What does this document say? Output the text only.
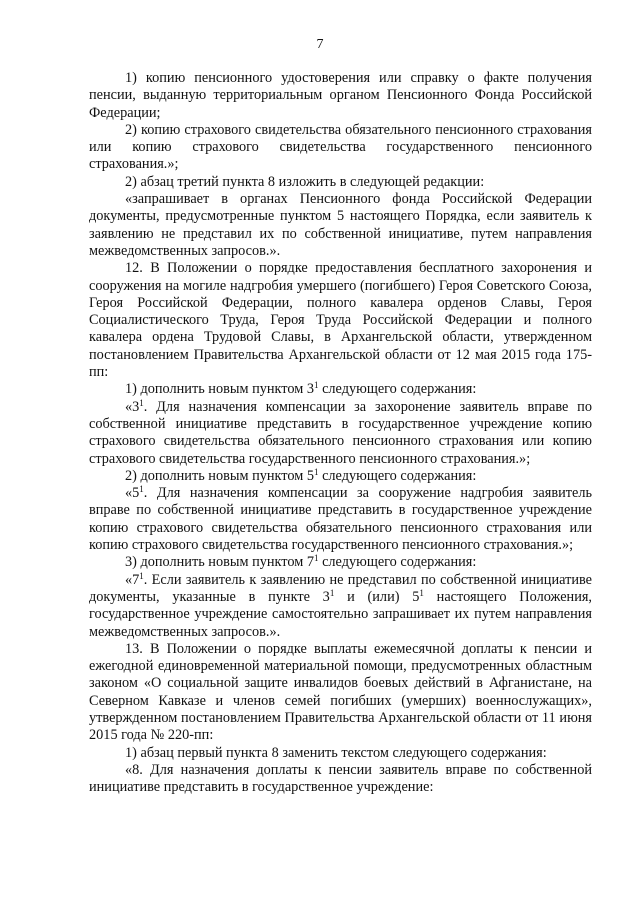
7

1) копию пенсионного удостоверения или справку о факте получения пенсии, выданную территориальным органом Пенсионного Фонда Российской Федерации;

2) копию страхового свидетельства обязательного пенсионного страхования или копию страхового свидетельства государственного пенсионного страхования.»;

2) абзац третий пункта 8 изложить в следующей редакции:

«запрашивает в органах Пенсионного фонда Российской Федерации документы, предусмотренные пунктом 5 настоящего Порядка, если заявитель к заявлению не представил их по собственной инициативе, путем направления межведомственных запросов.».

12. В Положении о порядке предоставления бесплатного захоронения и сооружения на могиле надгробия умершего (погибшего) Героя Советского Союза, Героя Российской Федерации, полного кавалера орденов Славы, Героя Социалистического Труда, Героя Труда Российской Федерации и полного кавалера ордена Трудовой Славы, в Архангельской области, утвержденном постановлением Правительства Архангельской области от 12 мая 2015 года 175-пп:

1) дополнить новым пунктом $3^1$ следующего содержания:

«$3^1$. Для назначения компенсации за захоронение заявитель вправе по собственной инициативе представить в государственное учреждение копию страхового свидетельства обязательного пенсионного страхования или копию страхового свидетельства государственного пенсионного страхования.»;

2) дополнить новым пунктом $5^1$ следующего содержания:

«$5^1$. Для назначения компенсации за сооружение надгробия заявитель вправе по собственной инициативе представить в государственное учреждение копию страхового свидетельства обязательного пенсионного страхования или копию страхового свидетельства государственного пенсионного страхования.»;

3) дополнить новым пунктом $7^1$ следующего содержания:

«$7^1$. Если заявитель к заявлению не представил по собственной инициативе документы, указанные в пункте $3^1$ и (или) $5^1$ настоящего Положения, государственное учреждение самостоятельно запрашивает их путем направления межведомственных запросов.».

13. В Положении о порядке выплаты ежемесячной доплаты к пенсии и ежегодной единовременной материальной помощи, предусмотренных областным законом «О социальной защите инвалидов боевых действий в Афганистане, на Северном Кавказе и членов семей погибших (умерших) военнослужащих», утвержденном постановлением Правительства Архангельской области от 11 июня 2015 года № 220-пп:

1) абзац первый пункта 8 заменить текстом следующего содержания:

«8. Для назначения доплаты к пенсии заявитель вправе по собственной инициативе представить в государственное учреждение:
